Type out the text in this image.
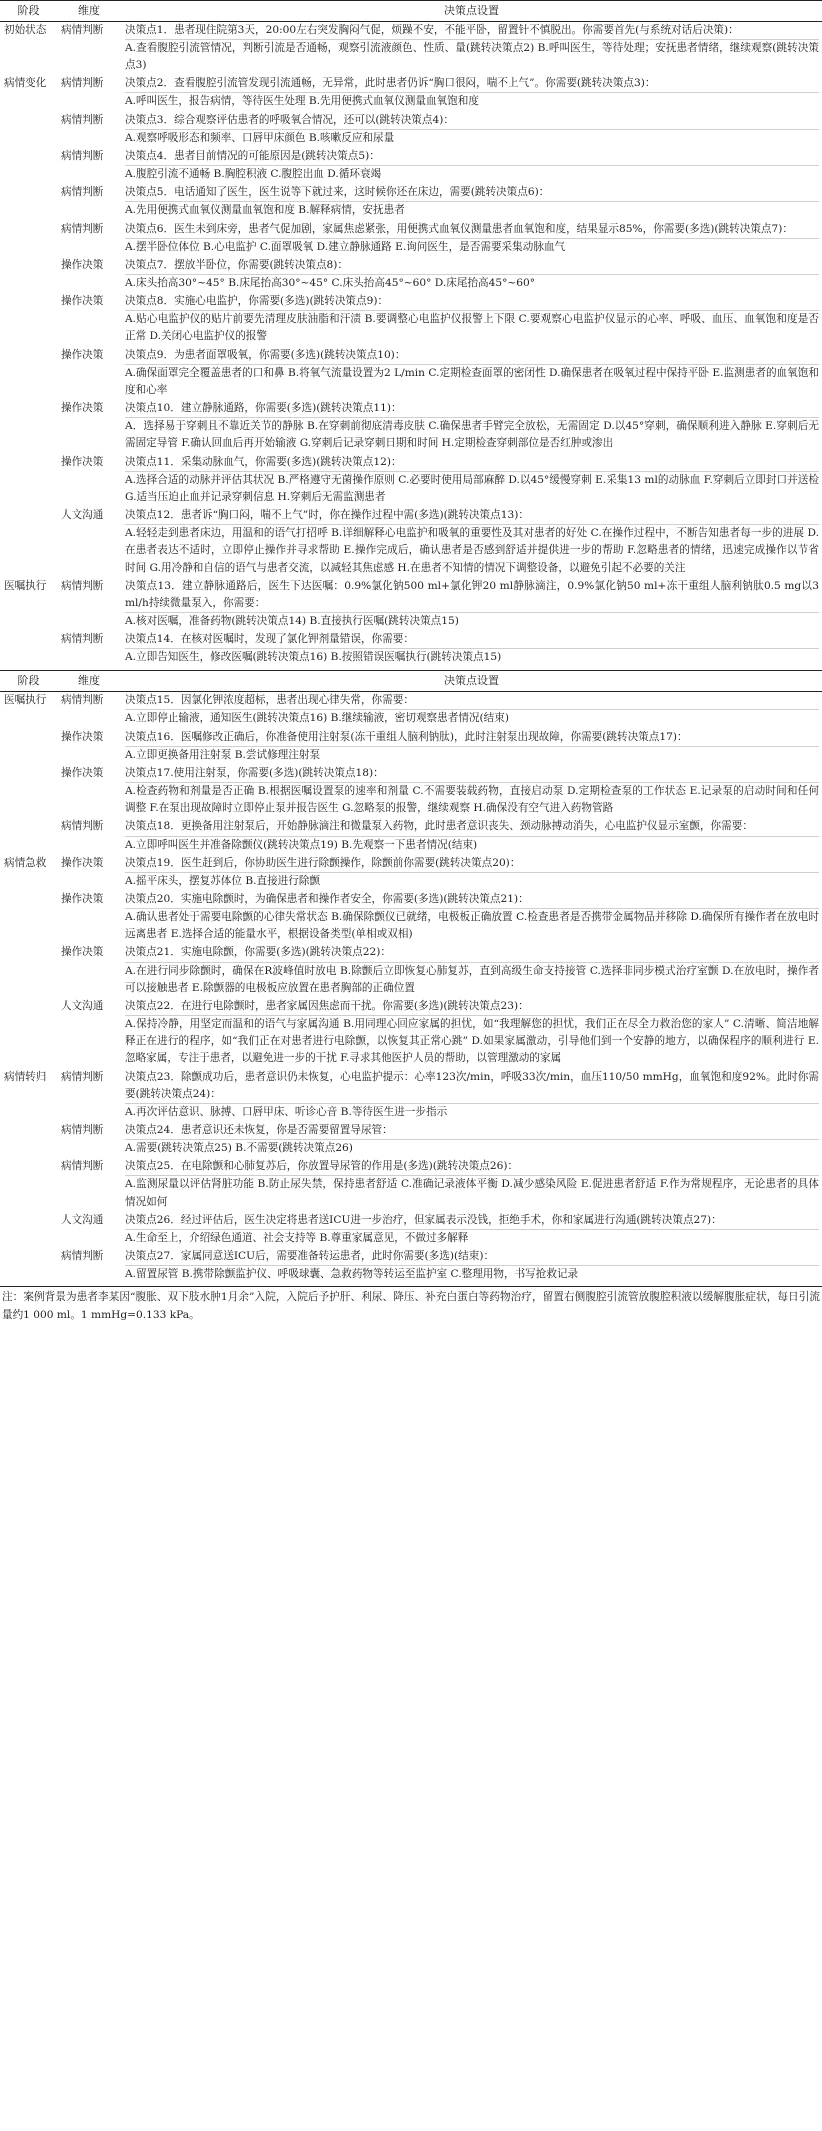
阶段	维度	决策点设置
初始状态	病情判断	决策点1．患者现住院第3天，20:00左右突发胸闷气促，烦躁不安，不能平卧，留置针不慎脱出。你需要首先(与系统对话后决策)：
A.查看腹腔引流管情况，判断引流是否通畅，观察引流液颜色、性质、量(跳转决策点2) B.呼叫医生，等待处理；安抚患者情绪，继续观察(跳转决策点3)

病情变化	病情判断	决策点2．查看腹腔引流管发现引流通畅，无异常，此时患者仍诉“胸口很闷，喘不上气”。你需要(跳转决策点3)：
A.呼叫医生，报告病情，等待医生处理 B.先用便携式血氧仪测量血氧饱和度

	病情判断	决策点3．综合观察评估患者的呼吸氧合情况，还可以(跳转决策点4)：
A.观察呼吸形态和频率、口唇甲床颜色 B.咳嗽反应和尿量

	病情判断	决策点4．患者目前情况的可能原因是(跳转决策点5)：
A.腹腔引流不通畅 B.胸腔积液 C.腹腔出血 D.循环衰竭

	病情判断	决策点5．电话通知了医生，医生说等下就过来，这时候你还在床边，需要(跳转决策点6)：
A.先用便携式血氧仪测量血氧饱和度 B.解释病情，安抚患者

	病情判断	决策点6．医生未到床旁，患者气促加剧，家属焦虑紧张，用便携式血氧仪测量患者血氧饱和度，结果显示85%，你需要(多选)(跳转决策点7)：
A.摆半卧位体位 B.心电监护 C.面罩吸氧 D.建立静脉通路 E.询问医生，是否需要采集动脉血气

	操作决策	决策点7．摆放半卧位，你需要(跳转决策点8)：
A.床头抬高30°~45° B.床尾抬高30°~45° C.床头抬高45°~60° D.床尾抬高45°~60°

	操作决策	决策点8．实施心电监护，你需要(多选)(跳转决策点9)：
A.贴心电监护仪的贴片前要先清理皮肤油脂和汗渍 B.要调整心电监护仪报警上下限 C.要观察心电监护仪显示的心率、呼吸、血压、血氧饱和度是否正常 D.关闭心电监护仪的报警

	操作决策	决策点9．为患者面罩吸氧，你需要(多选)(跳转决策点10)：
A.确保面罩完全覆盖患者的口和鼻 B.将氧气流量设置为2 L/min C.定期检查面罩的密闭性 D.确保患者在吸氧过程中保持平卧 E.监测患者的血氧饱和度和心率

	操作决策	决策点10．建立静脉通路，你需要(多选)(跳转决策点11)：
A．选择易于穿刺且不靠近关节的静脉 B.在穿刺前彻底清毒皮肤 C.确保患者手臂完全放松，无需固定 D.以45°穿刺，确保顺利进入静脉 E.穿刺后无需固定导管 F.确认回血后再开始输液 G.穿刺后记录穿刺日期和时间 H.定期检查穿刺部位是否红肿或渗出

	操作决策	决策点11．采集动脉血气，你需要(多选)(跳转决策点12)：
A.选择合适的动脉并评估其状况 B.严格遵守无菌操作原则 C.必要时使用局部麻醉 D.以45°缓慢穿刺 E.采集13 ml的动脉血 F.穿刺后立即封口并送检 G.适当压迫止血并记录穿刺信息 H.穿刺后无需监测患者

	人文沟通	决策点12．患者诉“胸口闷，喘不上气”时，你在操作过程中需(多选)(跳转决策点13)：
A.轻轻走到患者床边，用温和的语气打招呼 B.详细解释心电监护和吸氧的重要性及其对患者的好处 C.在操作过程中，不断告知患者每一步的进展 D.在患者表达不适时，立即停止操作并寻求帮助 E.操作完成后，确认患者是否感到舒适并提供进一步的帮助 F.忽略患者的情绪，迅速完成操作以节省时间 G.用冷静和自信的语气与患者交流，以减轻其焦虑感 H.在患者不知情的情况下调整设备，以避免引起不必要的关注

医嘱执行	病情判断	决策点13．建立静脉通路后，医生下达医嘱：0.9%氯化钠500 ml+氯化钾20 ml静脉滴注，0.9%氯化钠50 ml+冻干重组人脑利钠肽0.5 mg以3 ml/h持续微量泵入，你需要：
A.核对医嘱，准备药物(跳转决策点14) B.直接执行医嘱(跳转决策点15)

	病情判断	决策点14．在核对医嘱时，发现了氯化钾剂量错误，你需要：
A.立即告知医生，修改医嘱(跳转决策点16) B.按照错误医嘱执行(跳转决策点15)
阶段	维度	决策点设置
医嘱执行	病情判断	决策点15．因氯化钾浓度超标，患者出现心律失常，你需要：
A.立即停止输液，通知医生(跳转决策点16) B.继续输液，密切观察患者情况(结束)

	操作决策	决策点16．医嘱修改正确后，你准备使用注射泵(冻干重组人脑利钠肽)，此时注射泵出现故障，你需要(跳转决策点17)：
A.立即更换备用注射泵 B.尝试修理注射泵

	操作决策	决策点17.使用注射泵，你需要(多选)(跳转决策点18)：
A.检查药物和剂量是否正确 B.根据医嘱设置泵的速率和剂量 C.不需要装载药物，直接启动泵 D.定期检查泵的工作状态 E.记录泵的启动时间和任何调整 F.在泵出现故障时立即停止泵并报告医生 G.忽略泵的报警，继续观察 H.确保没有空气进入药物管路

	病情判断	决策点18．更换备用注射泵后，开始静脉滴注和微量泵入药物，此时患者意识丧失、颈动脉搏动消失，心电监护仪显示室颤，你需要：
A.立即呼叫医生并准备除颤仪(跳转决策点19) B.先观察一下患者情况(结束)

病情急救	操作决策	决策点19．医生赶到后，你协助医生进行除颤操作，除颤前你需要(跳转决策点20)：
A.摇平床头，摆复苏体位 B.直接进行除颤

	操作决策	决策点20．实施电除颤时，为确保患者和操作者安全，你需要(多选)(跳转决策点21)：
A.确认患者处于需要电除颤的心律失常状态 B.确保除颤仪已就绪，电极板正确放置 C.检查患者是否携带金属物品并移除 D.确保所有操作者在放电时远离患者 E.选择合适的能量水平，根据设备类型(单相或双相)

	操作决策	决策点21．实施电除颤，你需要(多选)(跳转决策点22)：
A.在进行同步除颤时，确保在R波峰值时放电 B.除颤后立即恢复心肺复苏，直到高级生命支持接管 C.选择非同步模式治疗室颤 D.在放电时，操作者可以接触患者 E.除颤器的电极板应放置在患者胸部的正确位置

	人文沟通	决策点22．在进行电除颤时，患者家属因焦虑而干扰。你需要(多选)(跳转决策点23)：
A.保持冷静，用坚定而温和的语气与家属沟通 B.用同理心回应家属的担忧，如“我理解您的担忧，我们正在尽全力救治您的家人” C.清晰、简洁地解释正在进行的程序，如“我们正在对患者进行电除颤，以恢复其正常心跳” D.如果家属激动，引导他们到一个安静的地方，以确保程序的顺利进行 E.忽略家属，专注于患者，以避免进一步的干扰 F.寻求其他医护人员的帮助，以管理激动的家属

病情转归	病情判断	决策点23．除颤成功后，患者意识仍未恢复，心电监护提示：心率123次/min，呼吸33次/min，血压110/50 mmHg，血氧饱和度92%。此时你需要(跳转决策点24)：
A.再次评估意识、脉搏、口唇甲床、听诊心音 B.等待医生进一步指示

	病情判断	决策点24．患者意识还未恢复，你是否需要留置导尿管：
A.需要(跳转决策点25) B.不需要(跳转决策点26)

	病情判断	决策点25．在电除颤和心肺复苏后，你放置导尿管的作用是(多选)(跳转决策点26)：
A.监测尿量以评估肾脏功能 B.防止尿失禁，保持患者舒适 C.准确记录液体平衡 D.减少感染风险 E.促进患者舒适 F.作为常规程序，无论患者的具体情况如何

	人文沟通	决策点26．经过评估后，医生决定将患者送ICU进一步治疗，但家属表示没钱，拒绝手术，你和家属进行沟通(跳转决策点27)：
A.生命至上，介绍绿色通道、社会支持等 B.尊重家属意见，不做过多解释

	病情判断	决策点27．家属同意送ICU后，需要准备转运患者，此时你需要(多选)(结束)：
A.留置尿管 B.携带除颤监护仪、呼吸球囊、急救药物等转运至监护室 C.整理用物，书写抢救记录
注：案例背景为患者李某因“腹胀、双下肢水肿1月余”入院，入院后予护肝、利尿、降压、补充白蛋白等药物治疗，留置右侧腹腔引流管放腹腔积液以缓解腹胀症状，每日引流量约1 000 ml。1 mmHg=0.133 kPa。
